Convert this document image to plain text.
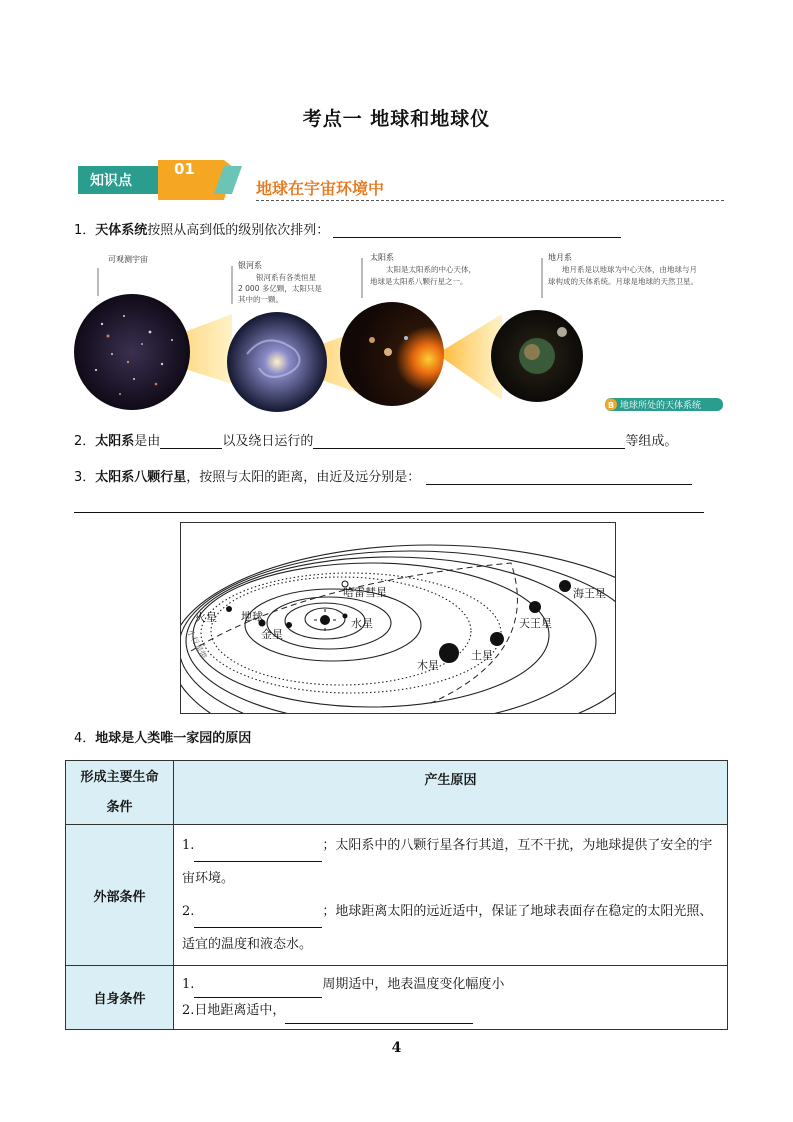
考点一 地球和地球仪
知识点
01
地球在宇宙环境中
1．天体系统按照从高到低的级别依次排列：
可观测宇宙
银河系
银河系有各类恒星
2 000 多亿颗，太阳只是
其中的一颗。
太阳系
太阳是太阳系的中心天体，
地球是太阳系八颗行星之一。
地月系
地月系是以地球为中心天体，由地球与月
球构成的天体系统。月球是地球的天然卫星。
B 地球所处的天体系统
2．太阳系是由	以及绕日运行的	等组成。
3．太阳系八颗行星，按照与太阳的距离，由近及远分别是：
水星
金星
地球
火星
木星
土星
天王星
海王星
哈雷彗星
小行星带
4．地球是人类唯一家园的原因
形成主要生命
条件	产生原因
外部条件	1. ；太阳系中的八颗行星各行其道，互不干扰，为地球提供了安全的宇宙环境。
2. ；地球距离太阳的远近适中，保证了地球表面存在稳定的太阳光照、适宜的温度和液态水。

自身条件	1. 周期适中，地表温度变化幅度小
2.日地距离适中，
4
